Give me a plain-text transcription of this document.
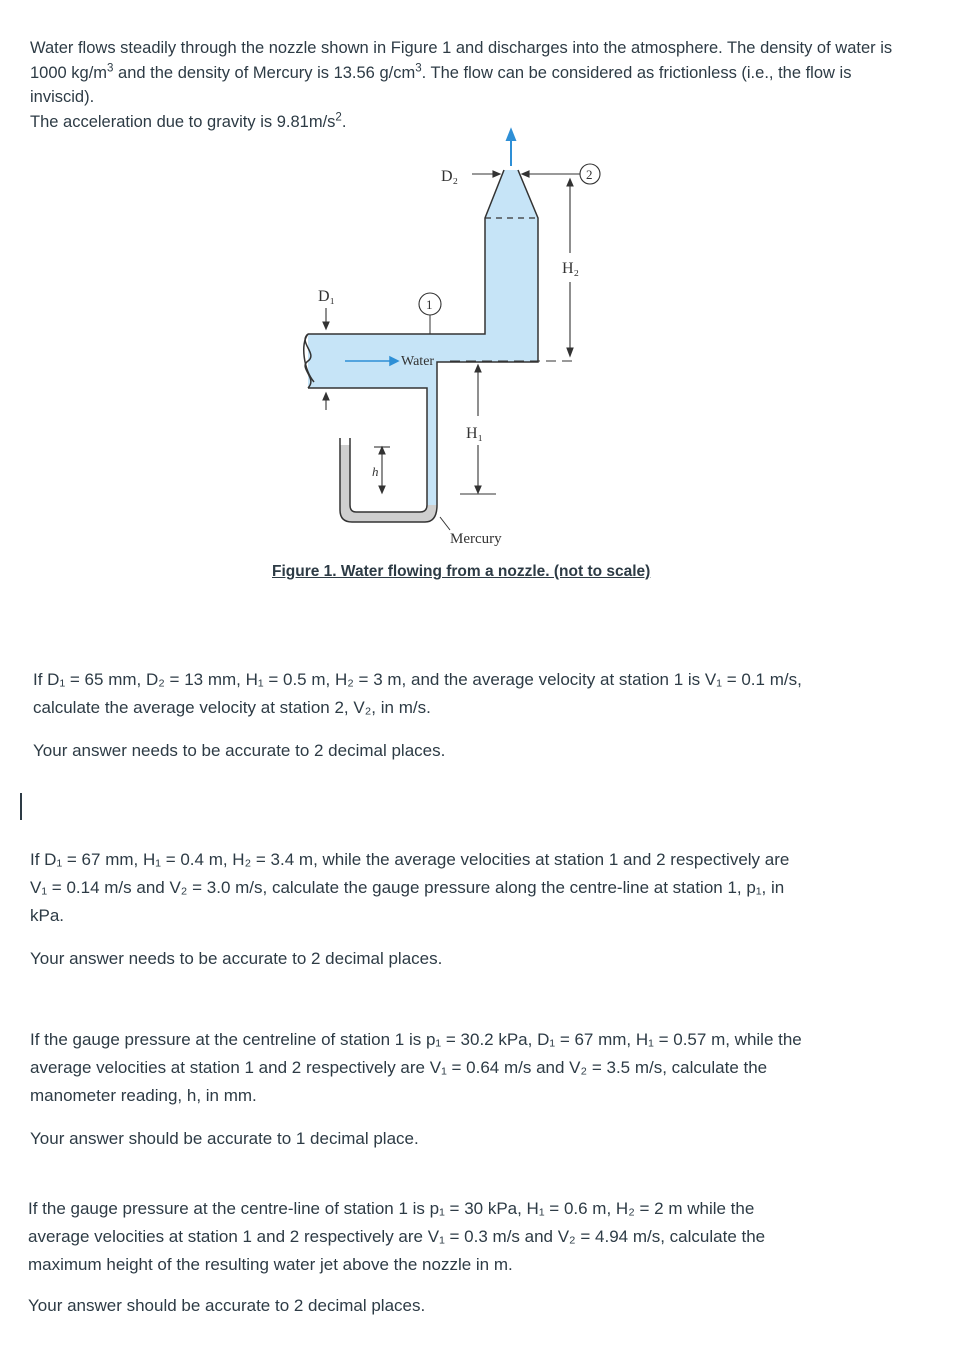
Water flows steadily through the nozzle shown in Figure 1 and discharges into the atmosphere. The density of water is
1000 $kg/m^3$ and the density of Mercury is 13.56 $g/cm^3$. The flow can be considered as frictionless (i.e., the flow is inviscid).
The acceleration due to gravity is $9.81m/s^2$.
h
Water
D₂	2
H₂
D₁	1
H₁
Mercury
Figure 1. Water flowing from a nozzle. (not to scale)
If D₁ = 65 mm, D₂ = 13 mm, H₁ = 0.5 m, H₂ = 3 m, and the average velocity at station 1 is V₁ = 0.1 m/s,
calculate the average velocity at station 2, V₂, in m/s.
Your answer needs to be accurate to 2 decimal places.
If D₁ = 67 mm, H₁ = 0.4 m, H₂ = 3.4 m, while the average velocities at station 1 and 2 respectively are
V₁ = 0.14 m/s and V₂ = 3.0 m/s, calculate the gauge pressure along the centre-line at station 1, p₁, in
kPa.
Your answer needs to be accurate to 2 decimal places.
If the gauge pressure at the centreline of station 1 is p₁ = 30.2 kPa, D₁ = 67 mm, H₁ = 0.57 m, while the
average velocities at station 1 and 2 respectively are V₁ = 0.64 m/s and V₂ = 3.5 m/s, calculate the
manometer reading, h, in mm.
Your answer should be accurate to 1 decimal place.
If the gauge pressure at the centre-line of station 1 is p₁ = 30 kPa, H₁ = 0.6 m, H₂ = 2 m while the
average velocities at station 1 and 2 respectively are V₁ = 0.3 m/s and V₂ = 4.94 m/s, calculate the
maximum height of the resulting water jet above the nozzle in m.
Your answer should be accurate to 2 decimal places.
